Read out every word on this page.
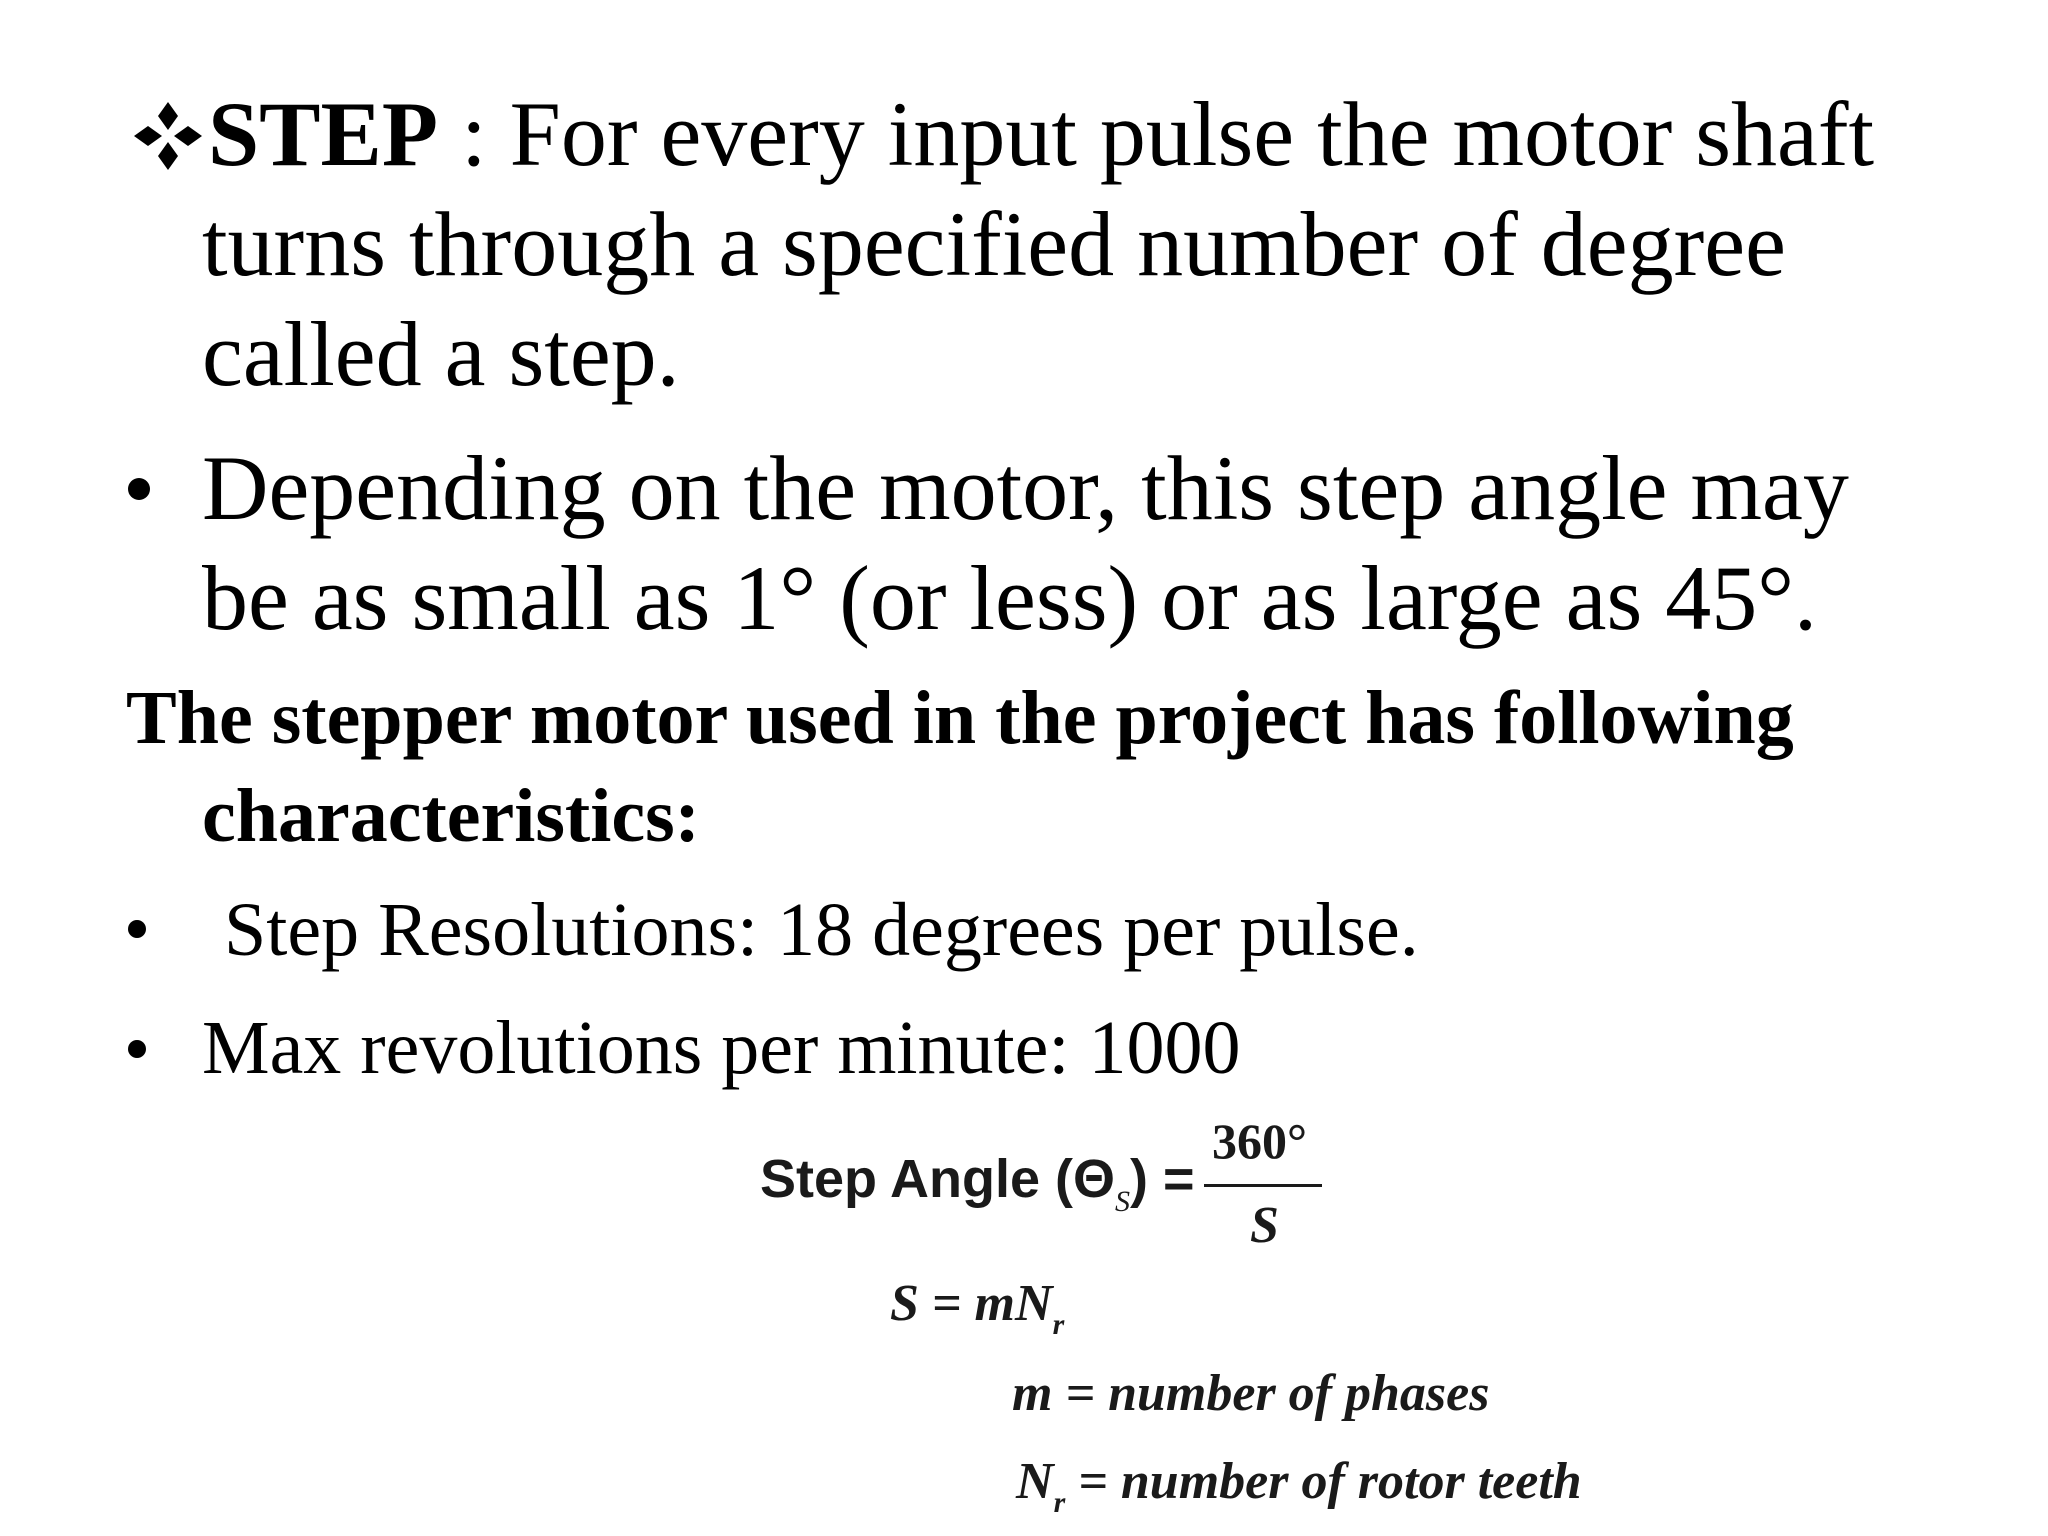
STEP : For every input pulse the motor shaft
turns through a specified number of degree
called a step.
Depending on the motor, this step angle may
be as small as 1° (or less) or as large as 45°.
The stepper motor used in the project has following
characteristics:
Step Resolutions: 18 degrees per pulse.
Max revolutions per minute: 1000
Step Angle $(\Theta_S)$ =
360°
S
$S = mN_r$
m = number of phases
$N_r$ = number of rotor teeth
